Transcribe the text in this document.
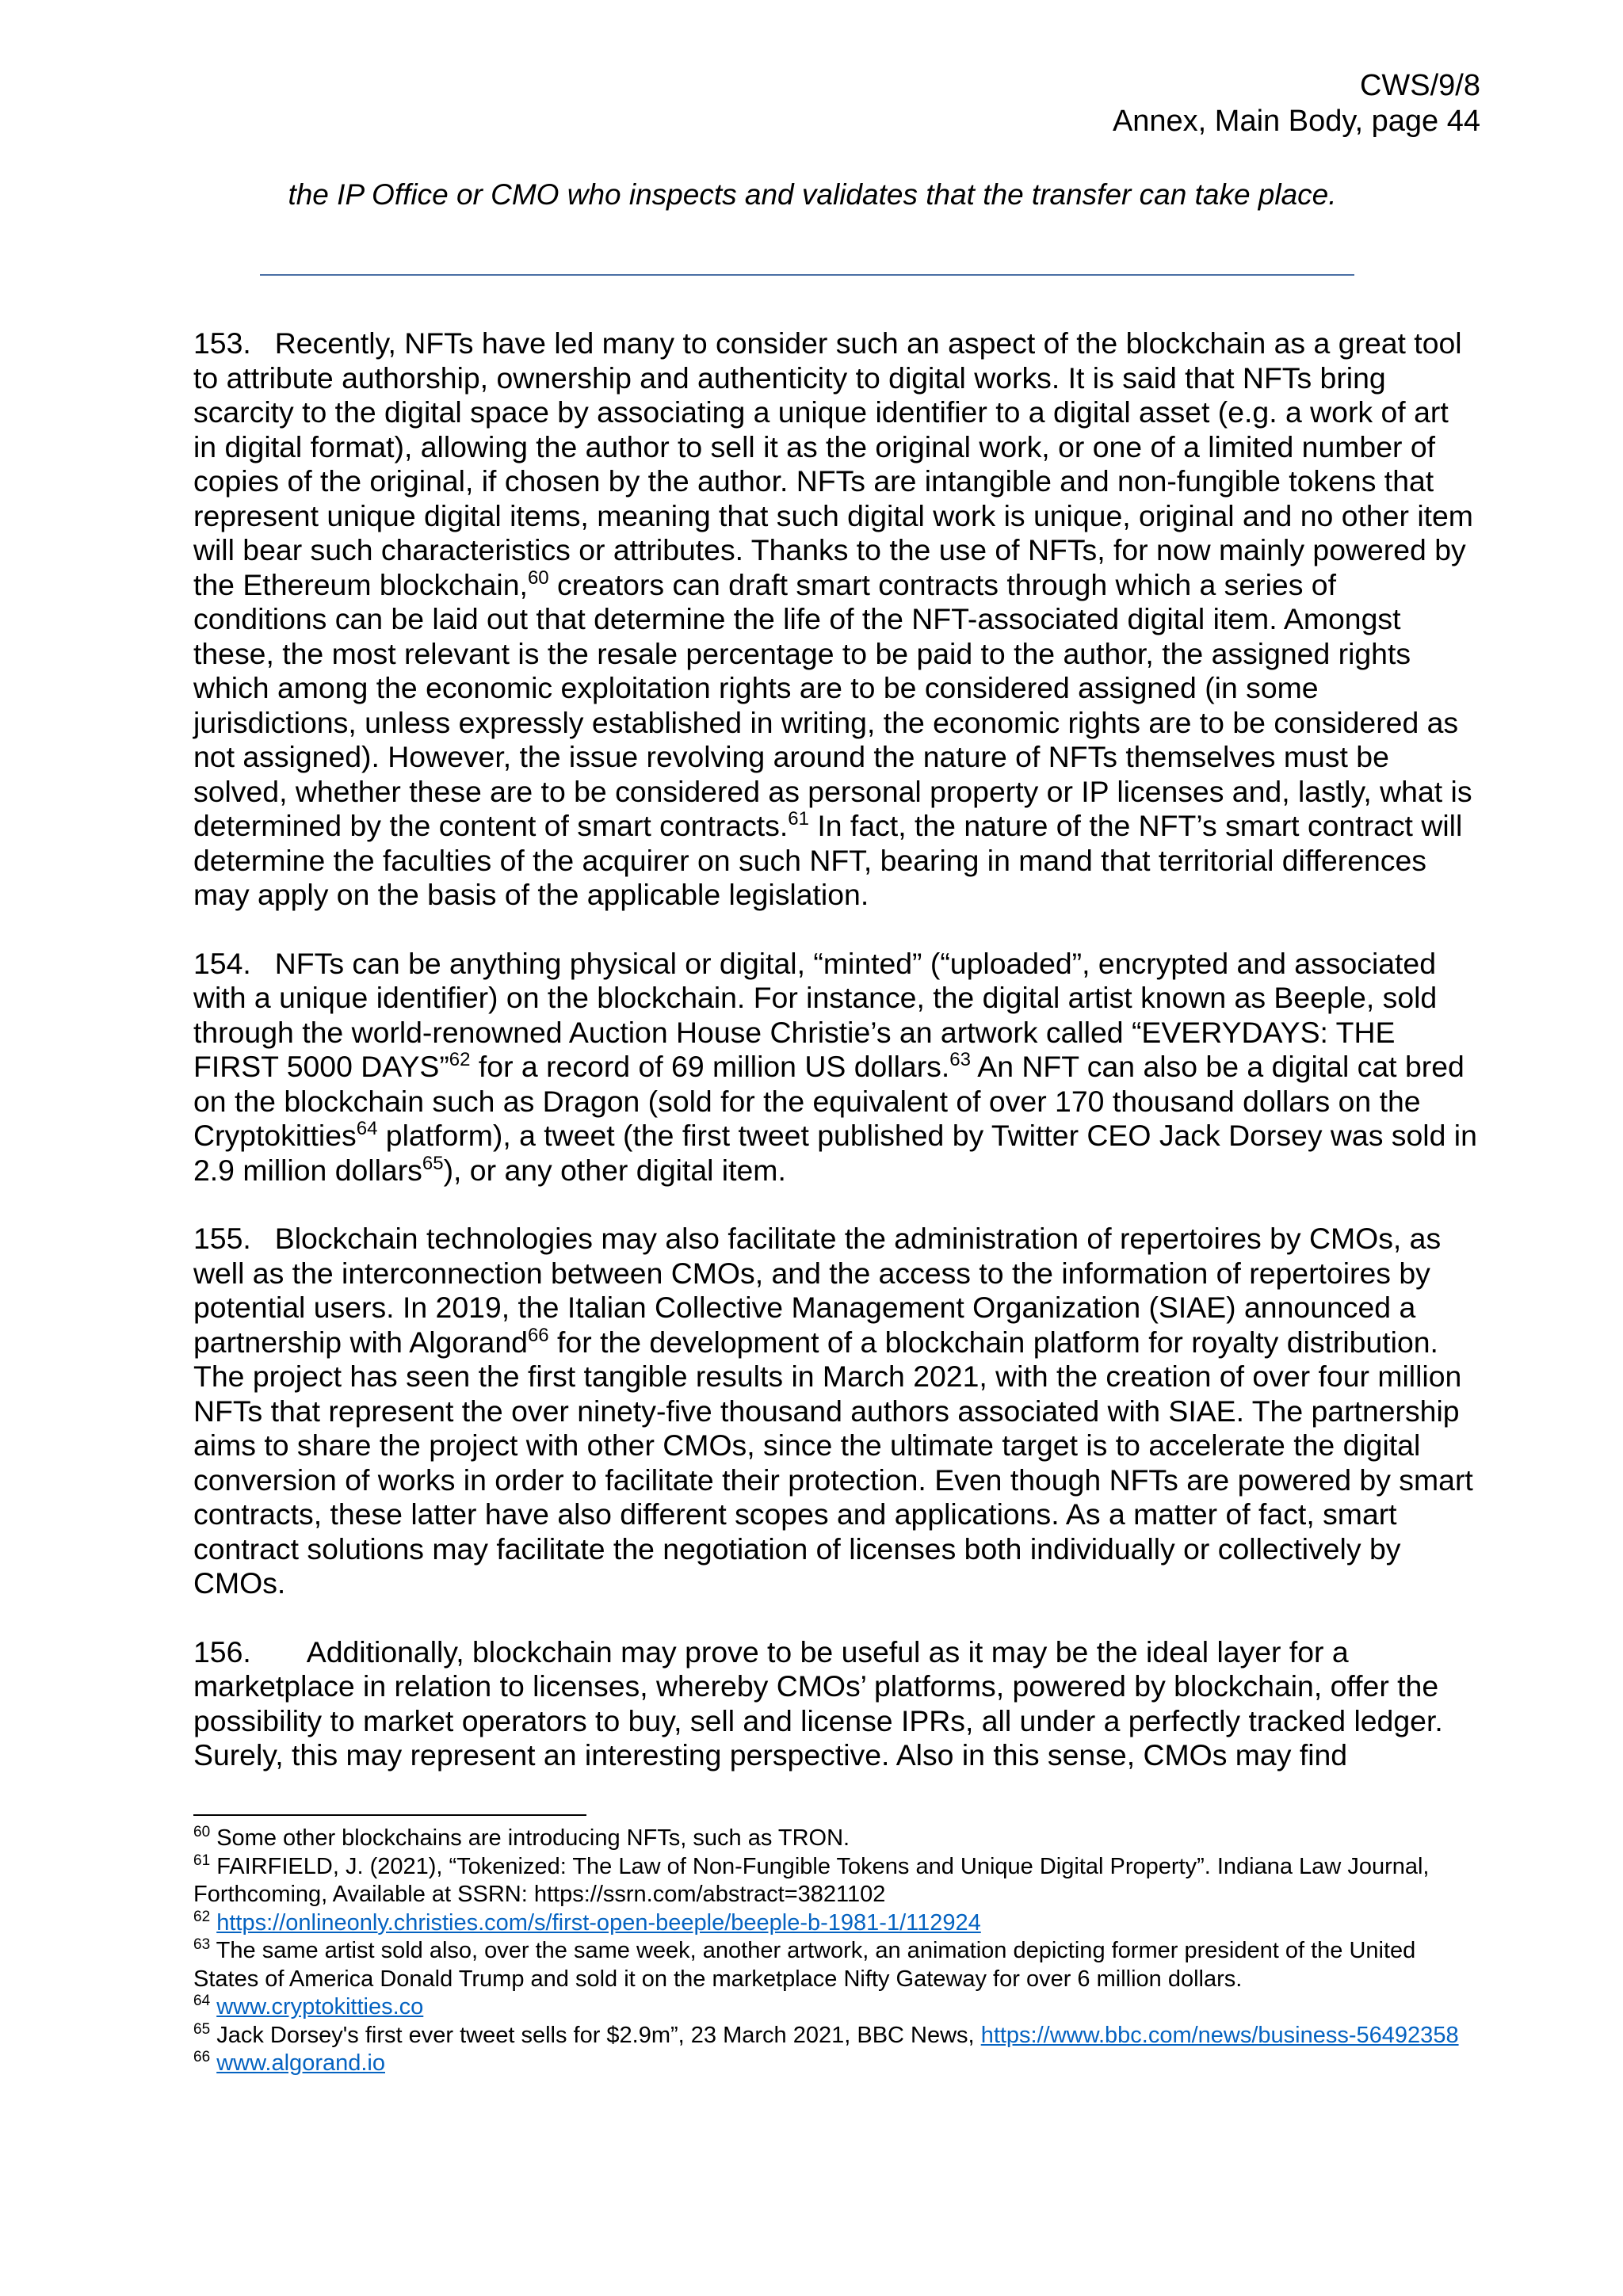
CWS/9/8
Annex, Main Body, page 44
the IP Office or CMO who inspects and validates that the transfer can take place.

153. Recently, NFTs have led many to consider such an aspect of the blockchain as a great tool to attribute authorship, ownership and authenticity to digital works. It is said that NFTs bring scarcity to the digital space by associating a unique identifier to a digital asset (e.g. a work of art in digital format), allowing the author to sell it as the original work, or one of a limited number of copies of the original, if chosen by the author. NFTs are intangible and non-fungible tokens that represent unique digital items, meaning that such digital work is unique, original and no other item will bear such characteristics or attributes. Thanks to the use of NFTs, for now mainly powered by the Ethereum blockchain,$^{60}$ creators can draft smart contracts through which a series of conditions can be laid out that determine the life of the NFT-associated digital item. Amongst these, the most relevant is the resale percentage to be paid to the author, the assigned rights which among the economic exploitation rights are to be considered assigned (in some jurisdictions, unless expressly established in writing, the economic rights are to be considered as not assigned). However, the issue revolving around the nature of NFTs themselves must be solved, whether these are to be considered as personal property or IP licenses and, lastly, what is determined by the content of smart contracts.$^{61}$ In fact, the nature of the NFT’s smart contract will determine the faculties of the acquirer on such NFT, bearing in mand that territorial differences may apply on the basis of the applicable legislation.

154. NFTs can be anything physical or digital, “minted” (“uploaded”, encrypted and associated with a unique identifier) on the blockchain. For instance, the digital artist known as Beeple, sold through the world-renowned Auction House Christie’s an artwork called “EVERYDAYS: THE FIRST 5000 DAYS”$^{62}$ for a record of 69 million US dollars.$^{63}$ An NFT can also be a digital cat bred on the blockchain such as Dragon (sold for the equivalent of over 170 thousand dollars on the Cryptokitties$^{64}$ platform), a tweet (the first tweet published by Twitter CEO Jack Dorsey was sold in 2.9 million dollars$^{65}$), or any other digital item.

155. Blockchain technologies may also facilitate the administration of repertoires by CMOs, as well as the interconnection between CMOs, and the access to the information of repertoires by potential users. In 2019, the Italian Collective Management Organization (SIAE) announced a partnership with Algorand$^{66}$ for the development of a blockchain platform for royalty distribution. The project has seen the first tangible results in March 2021, with the creation of over four million NFTs that represent the over ninety-five thousand authors associated with SIAE. The partnership aims to share the project with other CMOs, since the ultimate target is to accelerate the digital conversion of works in order to facilitate their protection. Even though NFTs are powered by smart contracts, these latter have also different scopes and applications. As a matter of fact, smart contract solutions may facilitate the negotiation of licenses both individually or collectively by CMOs.

156. Additionally, blockchain may prove to be useful as it may be the ideal layer for a marketplace in relation to licenses, whereby CMOs’ platforms, powered by blockchain, offer the possibility to market operators to buy, sell and license IPRs, all under a perfectly tracked ledger. Surely, this may represent an interesting perspective. Also in this sense, CMOs may find

$^{60}$ Some other blockchains are introducing NFTs, such as TRON.

$^{61}$ FAIRFIELD, J. (2021), “Tokenized: The Law of Non-Fungible Tokens and Unique Digital Property”. Indiana Law Journal, Forthcoming, Available at SSRN: https://ssrn.com/abstract=3821102

$^{62}$ https://onlineonly.christies.com/s/first-open-beeple/beeple-b-1981-1/112924

$^{63}$ The same artist sold also, over the same week, another artwork, an animation depicting former president of the United States of America Donald Trump and sold it on the marketplace Nifty Gateway for over 6 million dollars.

$^{64}$ www.cryptokitties.co

$^{65}$ Jack Dorsey's first ever tweet sells for $2.9m”, 23 March 2021, BBC News, https://www.bbc.com/news/business-56492358

$^{66}$ www.algorand.io
